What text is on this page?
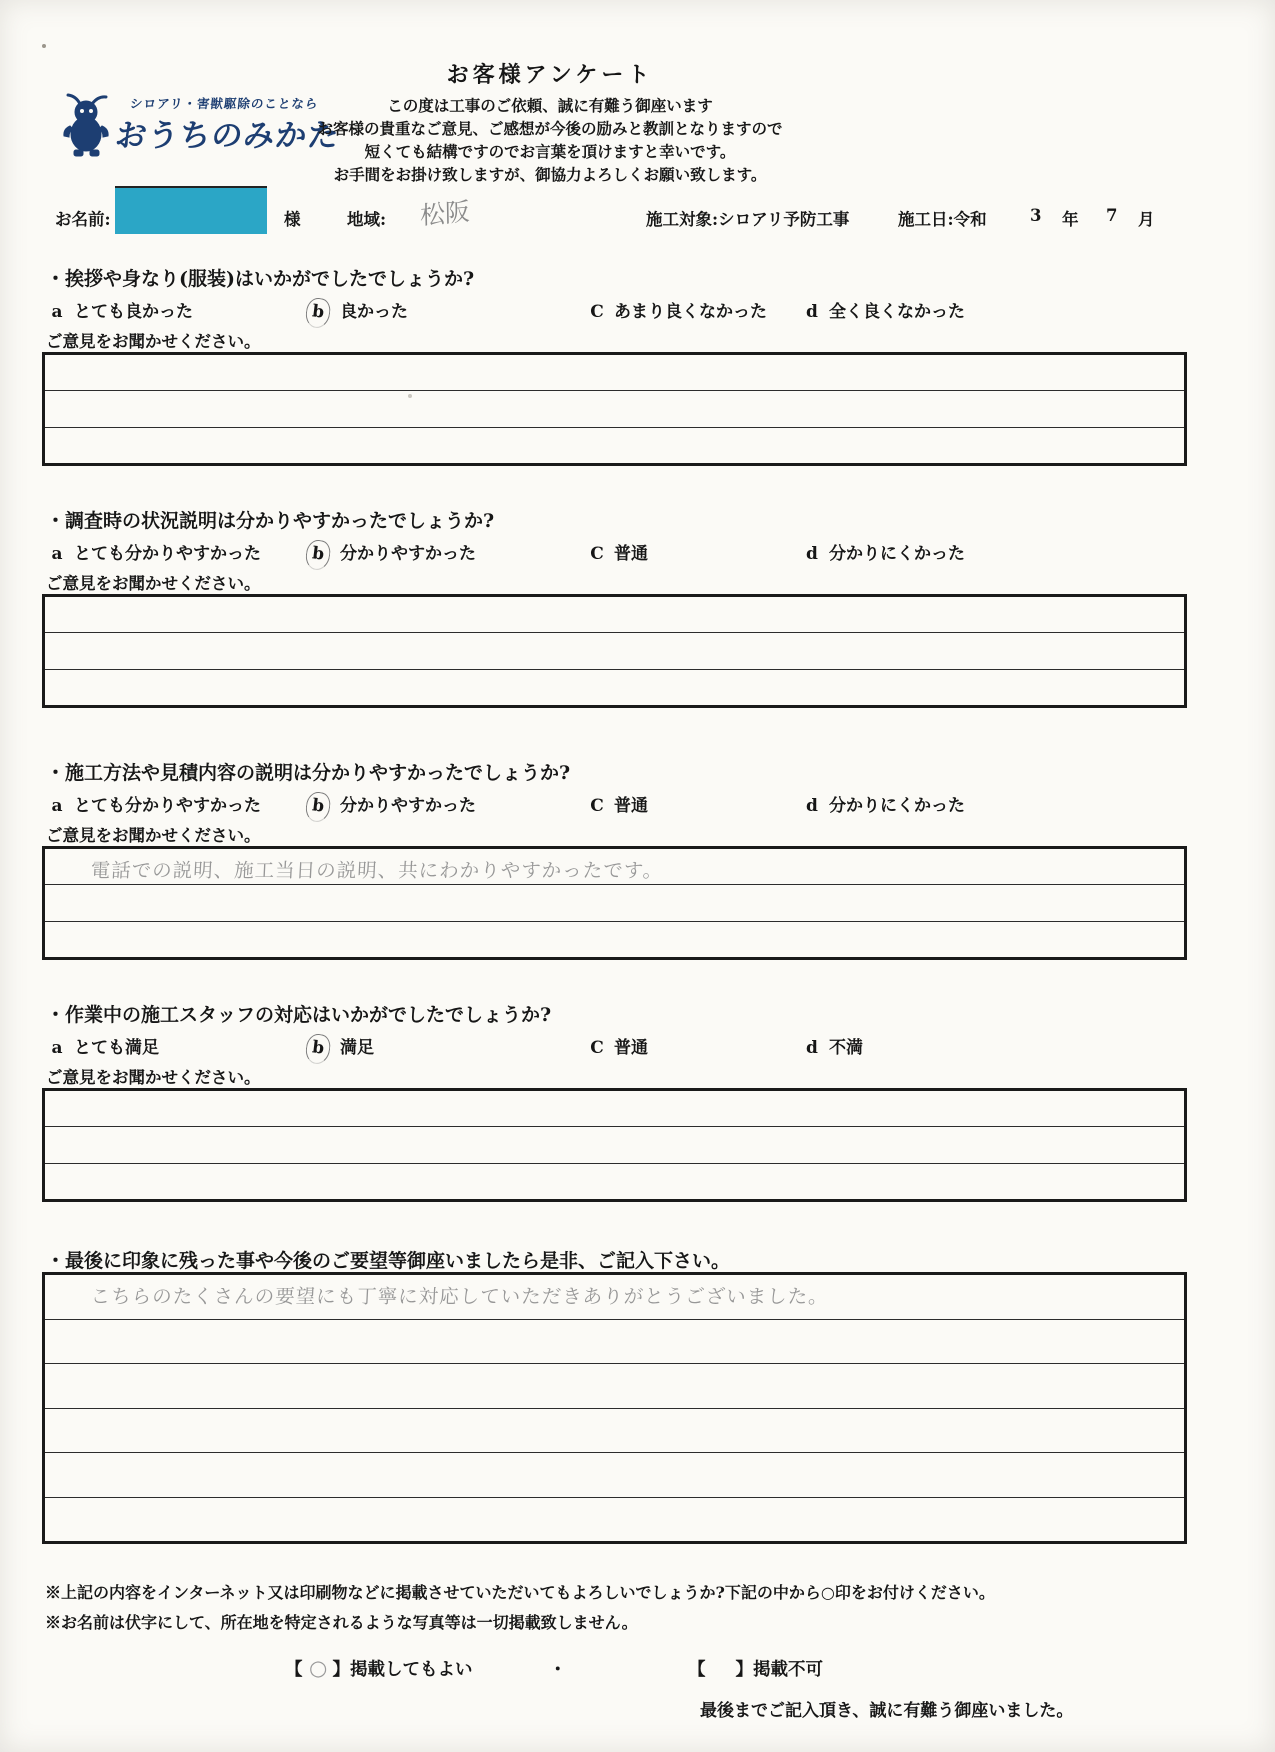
お客様アンケート
シロアリ・害獣駆除のことなら
おうちのみかた
この度は工事のご依頼、誠に有難う御座います
お客様の貴重なご意見、ご感想が今後の励みと教訓となりますので
短くても結構ですのでお言葉を頂けますと幸いです。
お手間をお掛け致しますが、御協力よろしくお願い致します。
お名前:	様	地域: 松阪	施工対象:シロアリ予防工事	施工日:令和	3 年 7 月
・挨拶や身なり(服装)はいかがでしたでしょうか?
a とても良かった	b 良かった	C あまり良くなかった d 全く良くなかった
ご意見をお聞かせください。
・調査時の状況説明は分かりやすかったでしょうか?
a とても分かりやすかった	b 分かりやすかった	C 普通	d 分かりにくかった
ご意見をお聞かせください。
・施工方法や見積内容の説明は分かりやすかったでしょうか?
a とても分かりやすかった	b 分かりやすかった	C 普通	d 分かりにくかった
ご意見をお聞かせください。
電話での説明、施工当日の説明、共にわかりやすかったです。
・作業中の施工スタッフの対応はいかがでしたでしょうか?
a とても満足	b 満足	C 普通	d 不満
ご意見をお聞かせください。
・最後に印象に残った事や今後のご要望等御座いましたら是非、ご記入下さい。
こちらのたくさんの要望にも丁寧に対応していただきありがとうございました。
※上記の内容をインターネット又は印刷物などに掲載させていただいてもよろしいでしょうか?下記の中から○印をお付けください。
※お名前は伏字にして、所在地を特定されるような写真等は一切掲載致しません。
【 ○ 】掲載してもよい	・	【 】掲載不可
最後までご記入頂き、誠に有難う御座いました。
